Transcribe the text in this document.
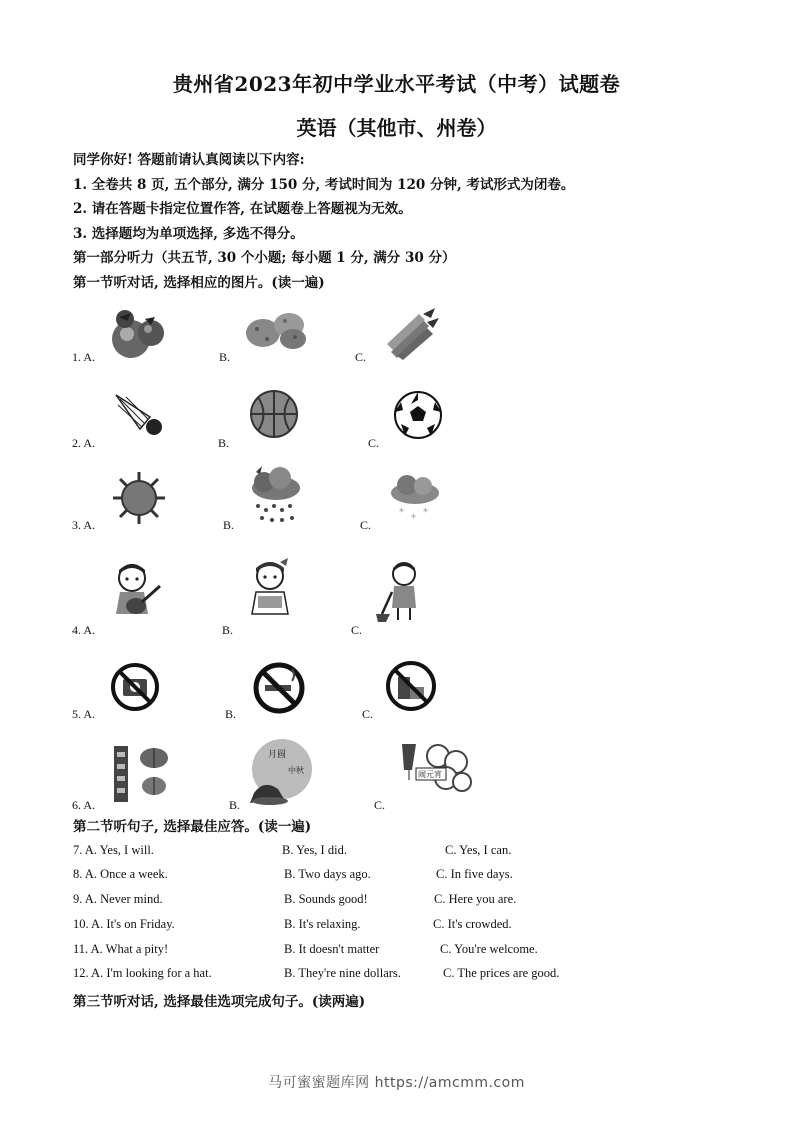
贵州省2023年初中学业水平考试（中考）试题卷
英语（其他市、州卷）
同学你好! 答题前请认真阅读以下内容:
1. 全卷共 8 页, 五个部分, 满分 150 分, 考试时间为 120 分钟, 考试形式为闭卷。
2. 请在答题卡指定位置作答, 在试题卷上答题视为无效。
3. 选择题均为单项选择, 多选不得分。
第一部分听力（共五节, 30 个小题; 每小题 1 分, 满分 30 分）
第一节听对话, 选择相应的图片。(读一遍)
1. A.	B.	C.
2. A.	B.	C.
3. A.	B.	C.
*
*
*
4. A.	B.	C.
5. A.	B.	C.
6. A.	B.	C.
月圆
中秋	闹元宵
第二节听句子, 选择最佳应答。(读一遍)
7. A. Yes, I will.	B. Yes, I did.	C. Yes, I can.
8. A. Once a week.	B. Two days ago.	C. In five days.
9. A. Never mind.	B. Sounds good!	C. Here you are.
10. A. It's on Friday.	B. It's relaxing.	C. It's crowded.
11. A. What a pity!	B. It doesn't matter	C. You're welcome.
12. A. I'm looking for a hat.	B. They're nine dollars.	C. The prices are good.
第三节听对话, 选择最佳选项完成句子。(读两遍)
马可蜜蜜题库网 https://amcmm.com
